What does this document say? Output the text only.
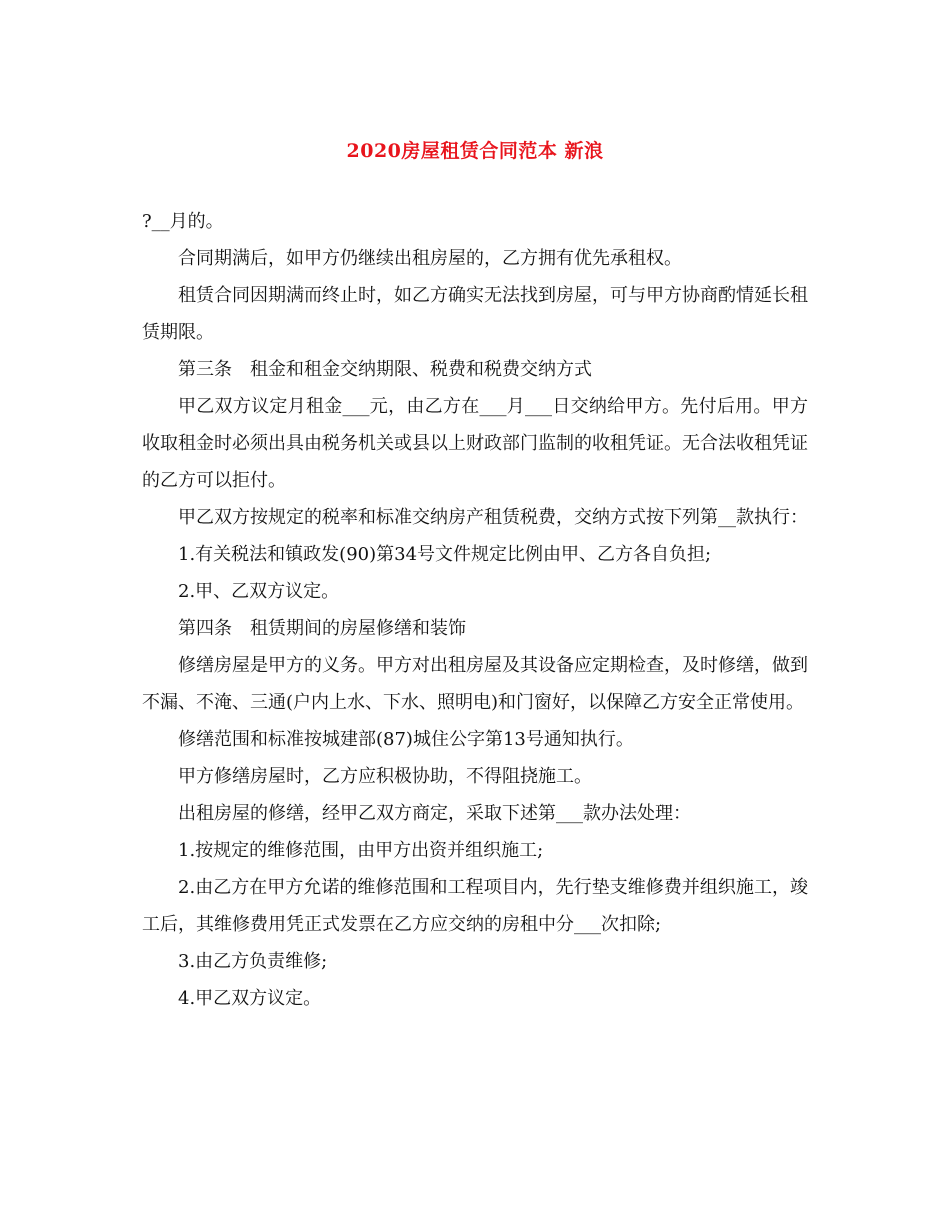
2020房屋租赁合同范本 新浪

?__月的。

合同期满后，如甲方仍继续出租房屋的，乙方拥有优先承租权。

租赁合同因期满而终止时，如乙方确实无法找到房屋，可与甲方协商酌情延长租赁期限。

第三条　租金和租金交纳期限、税费和税费交纳方式

甲乙双方议定月租金___元，由乙方在___月___日交纳给甲方。先付后用。甲方收取租金时必须出具由税务机关或县以上财政部门监制的收租凭证。无合法收租凭证的乙方可以拒付。

甲乙双方按规定的税率和标准交纳房产租赁税费，交纳方式按下列第__款执行：

1.有关税法和镇政发(90)第34号文件规定比例由甲、乙方各自负担;

2.甲、乙双方议定。

第四条　租赁期间的房屋修缮和装饰

修缮房屋是甲方的义务。甲方对出租房屋及其设备应定期检查，及时修缮，做到不漏、不淹、三通(户内上水、下水、照明电)和门窗好，以保障乙方安全正常使用。

修缮范围和标准按城建部(87)城住公字第13号通知执行。

甲方修缮房屋时，乙方应积极协助，不得阻挠施工。

出租房屋的修缮，经甲乙双方商定，采取下述第___款办法处理：

1.按规定的维修范围，由甲方出资并组织施工;

2.由乙方在甲方允诺的维修范围和工程项目内，先行垫支维修费并组织施工，竣工后，其维修费用凭正式发票在乙方应交纳的房租中分___次扣除;

3.由乙方负责维修;

4.甲乙双方议定。
